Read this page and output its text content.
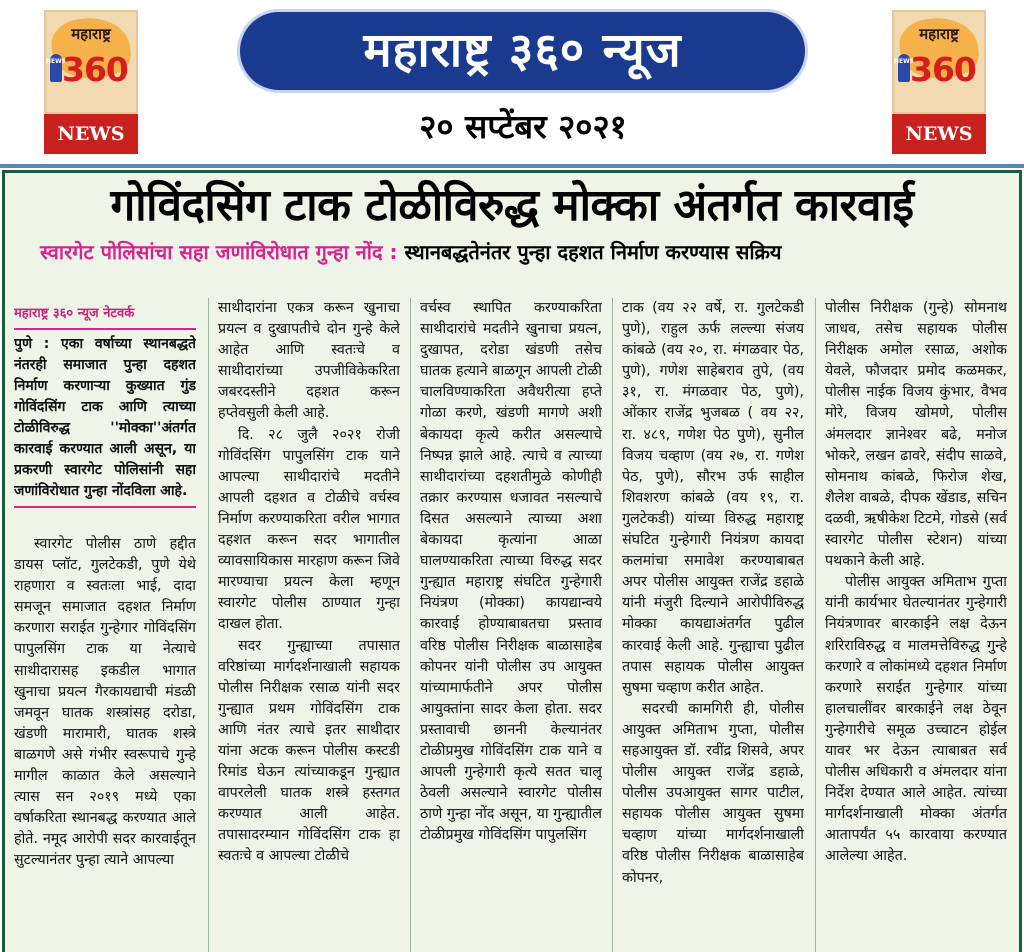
महाराष्ट्र
NEWS
360
NEWS
महाराष्ट्र ३६० न्यूज
२० सप्टेंबर २०२१
महाराष्ट्र
NEWS
360
NEWS
गोविंदसिंग टाक टोळीविरुद्ध मोक्का अंतर्गत कारवाई
स्वारगेट पोलिसांचा सहा जणांविरोधात गुन्हा नोंद : स्थानबद्धतेनंतर पुन्हा दहशत निर्माण करण्यास सक्रिय
महाराष्ट्र ३६० न्यूज नेटवर्क

पुणे : एका वर्षाच्या स्थानबद्धते नंतरही समाजात पुन्हा दहशत निर्माण करणाऱ्या कुख्यात गुंड गोविंदसिंग टाक आणि त्याच्या टोळीविरुद्ध ''मोक्का''अंतर्गत कारवाई करण्यात आली असून, या प्रकरणी स्वारगेट पोलिसांनी सहा जणांविरोधात गुन्हा नोंदविला आहे.

स्वारगेट पोलीस ठाणे हद्दीत डायस प्लॉट, गुलटेकडी, पुणे येथे राहणारा व स्वतःला भाई, दादा समजून समाजात दहशत निर्माण करणारा सराईत गुन्हेगार गोविंदसिंग पापुलसिंग टाक या नेत्याचे साथीदारासह इकडील भागात खुनाचा प्रयत्न गैरकायद्याची मंडळी जमवून घातक शस्त्रांसह दरोडा, खंडणी मारामारी, घातक शस्त्रे बाळगणे असे गंभीर स्वरूपाचे गुन्हे मागील काळात केले असल्याने त्यास सन २०१९ मध्ये एका वर्षाकरिता स्थानबद्ध करण्यात आले होते. नमूद आरोपी सदर कारवाईतून सुटल्यानंतर पुन्हा त्याने आपल्या

साथीदारांना एकत्र करून खुनाचा प्रयत्न व दुखापतीचे दोन गुन्हे केले आहेत आणि स्वतःचे व साथीदारांच्या उपजीविकेकरिता जबरदस्तीने दहशत करून हप्तेवसुली केली आहे.

दि. २८ जुलै २०२१ रोजी गोविंदसिंग पापुलसिंग टाक याने आपल्या साथीदारांचे मदतीने आपली दहशत व टोळीचे वर्चस्व निर्माण करण्याकरिता वरील भागात दहशत करून सदर भागातील व्यावसायिकास मारहाण करून जिवे मारण्याचा प्रयत्न केला म्हणून स्वारगेट पोलीस ठाण्यात गुन्हा दाखल होता.

सदर गुन्ह्याच्या तपासात वरिष्ठांच्या मार्गदर्शनाखाली सहायक पोलीस निरीक्षक रसाळ यांनी सदर गुन्ह्यात प्रथम गोविंदसिंग टाक आणि नंतर त्याचे इतर साथीदार यांना अटक करून पोलीस कस्टडी रिमांड घेऊन त्यांच्याकडून गुन्ह्यात वापरलेली घातक शस्त्रे हस्तगत करण्यात आली आहेत. तपासादरम्यान गोविंदसिंग टाक हा स्वतःचे व आपल्या टोळीचे

वर्चस्व स्थापित करण्याकरिता साथीदारांचे मदतीने खुनाचा प्रयत्न, दुखापत, दरोडा खंडणी तसेच घातक हत्याने बाळगून आपली टोळी चालविण्याकरिता अवैधरीत्या हप्ते गोळा करणे, खंडणी मागणे अशी बेकायदा कृत्ये करीत असल्याचे निष्पन्न झाले आहे. त्याचे व त्याच्या साथीदारांच्या दहशतीमुळे कोणीही तक्रार करण्यास धजावत नसल्याचे दिसत असल्याने त्याच्या अशा बेकायदा कृत्यांना आळा घालण्याकरिता त्याच्या विरुद्ध सदर गुन्ह्यात महाराष्ट्र संघटित गुन्हेगारी नियंत्रण (मोक्का) कायद्यान्वये कारवाई होण्याबाबतचा प्रस्ताव वरिष्ठ पोलीस निरीक्षक बाळासाहेब कोपनर यांनी पोलीस उप आयुक्त यांच्यामार्फतीने अपर पोलीस आयुक्तांना सादर केला होता. सदर प्रस्तावाची छाननी केल्यानंतर टोळीप्रमुख गोविंदसिंग टाक याने व आपली गुन्हेगारी कृत्ये सतत चालू ठेवली असल्याने स्वारगेट पोलीस ठाणे गुन्हा नोंद असून, या गुन्ह्यातील टोळीप्रमुख गोविंदसिंग पापुलसिंग

टाक (वय २२ वर्षे, रा. गुलटेकडी पुणे), राहुल ऊर्फ लल्ल्या संजय कांबळे (वय २०, रा. मंगळवार पेठ, पुणे), गणेश साहेबराव तुपे, (वय ३१, रा. मंगळवार पेठ, पुणे), ओंकार राजेंद्र भुजबळ ( वय २२, रा. ४८९, गणेश पेठ पुणे), सुनील विजय चव्हाण (वय २७, रा. गणेश पेठ, पुणे), सौरभ उर्फ साहील शिवशरण कांबळे (वय १९, रा. गुलटेकडी) यांच्या विरुद्ध महाराष्ट्र संघटित गुन्हेगारी नियंत्रण कायदा कलमांचा समावेश करण्याबाबत अपर पोलीस आयुक्त राजेंद्र डहाळे यांनी मंजुरी दिल्याने आरोपीविरुद्ध मोक्का कायद्याअंतर्गत पुढील कारवाई केली आहे. गुन्ह्याचा पुढील तपास सहायक पोलीस आयुक्त सुषमा चव्हाण करीत आहेत.

सदरची कामगिरी ही, पोलीस आयुक्त अमिताभ गुप्ता, पोलीस सहआयुक्त डॉ. रवींद्र शिसवे, अपर पोलीस आयुक्त राजेंद्र डहाळे, पोलीस उपआयुक्त सागर पाटील, सहायक पोलीस आयुक्त सुषमा चव्हाण यांच्या मार्गदर्शनाखाली वरिष्ठ पोलीस निरीक्षक बाळासाहेब कोपनर,

पोलीस निरीक्षक (गुन्हे) सोमनाथ जाधव, तसेच सहायक पोलीस निरीक्षक अमोल रसाळ, अशोक येवले, फौजदार प्रमोद कळमकर, पोलीस नाईक विजय कुंभार, वैभव मोरे, विजय खोमणे, पोलीस अंमलदार ज्ञानेश्वर बढे, मनोज भोकरे, लखन ढावरे, संदीप साळवे, सोमनाथ कांबळे, फिरोज शेख, शैलेश वाबळे, दीपक खेंडाड, सचिन दळवी, ऋषीकेश टिटमे, गोडसे (सर्व स्वारगेट पोलीस स्टेशन) यांच्या पथकाने केली आहे.

पोलीस आयुक्त अमिताभ गुप्ता यांनी कार्यभार घेतल्यानंतर गुन्हेगारी नियंत्रणावर बारकाईने लक्ष देऊन शरिराविरुद्ध व मालमत्तेविरुद्ध गुन्हे करणारे व लोकांमध्ये दहशत निर्माण करणारे सराईत गुन्हेगार यांच्या हालचालींवर बारकाईने लक्ष ठेवून गुन्हेगारीचे समूळ उच्चाटन होईल यावर भर देऊन त्याबाबत सर्व पोलीस अधिकारी व अंमलदार यांना निर्देश देण्यात आले आहेत. त्यांच्या मार्गदर्शनाखाली मोक्का अंतर्गत आतापर्यंत ५५ कारवाया करण्यात आलेल्या आहेत.
